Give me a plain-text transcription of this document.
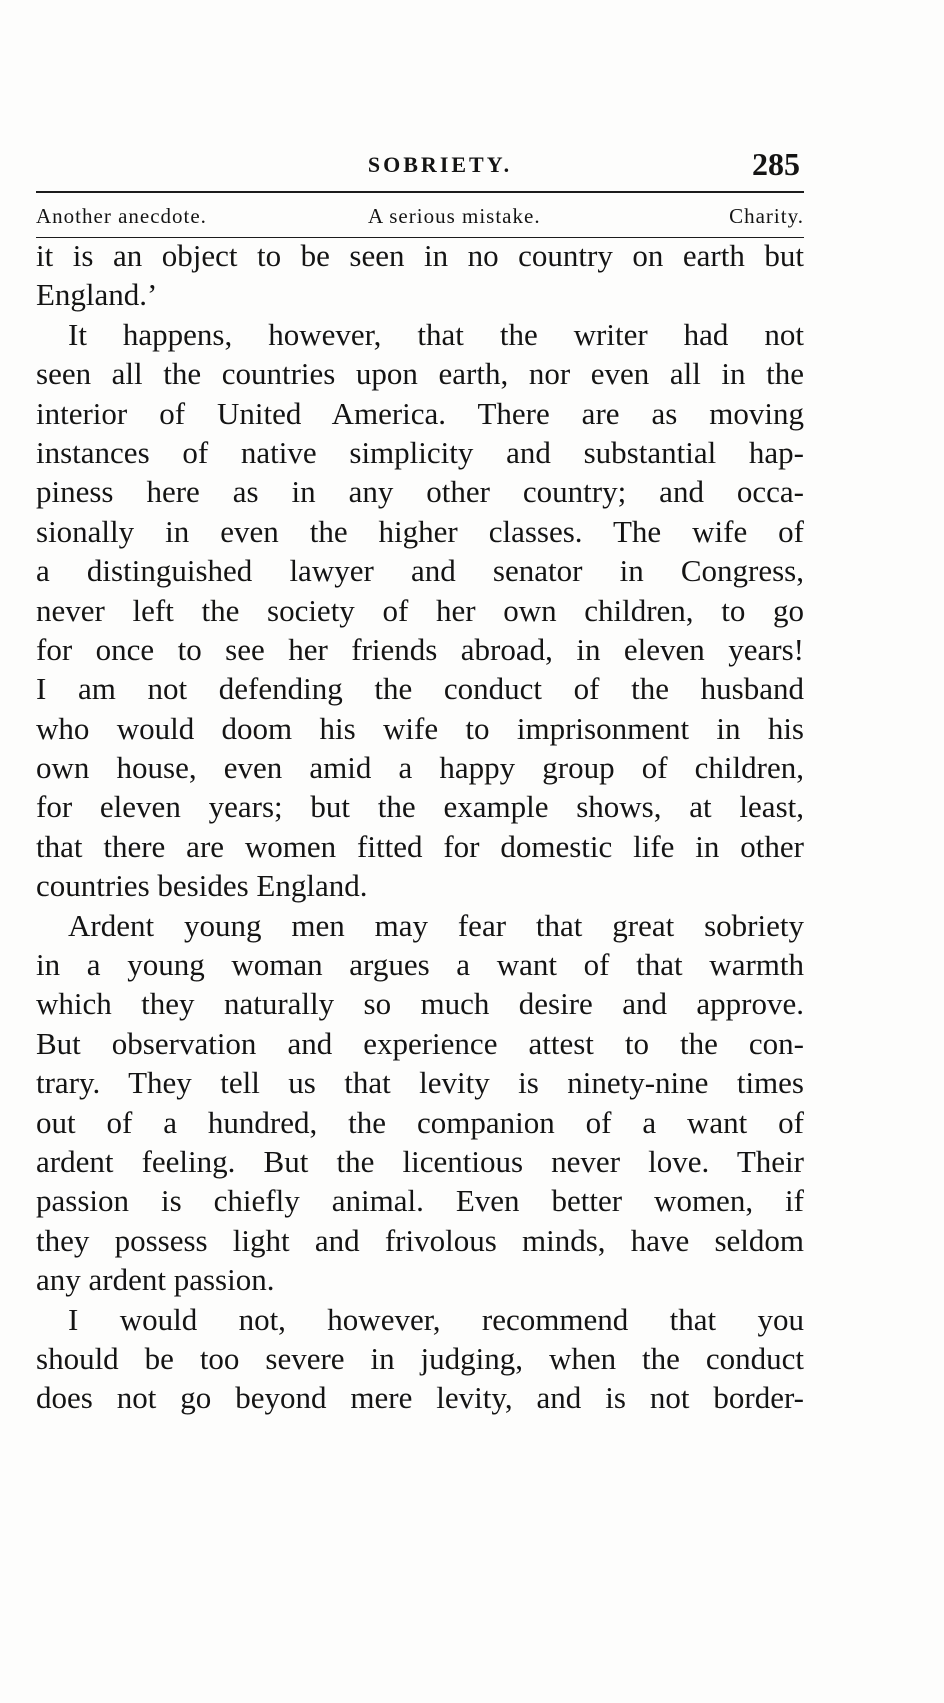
SOBRIETY.	285
Another anecdote.	A serious mistake.	Charity.
it is an object to be seen in no country on earth but
England.’
It happens, however, that the writer had not
seen all the countries upon earth, nor even all in the
interior of United America. There are as moving
instances of native simplicity and substantial hap-
piness here as in any other country; and occa-
sionally in even the higher classes. The wife of
a distinguished lawyer and senator in Congress,
never left the society of her own children, to go
for once to see her friends abroad, in eleven years!
I am not defending the conduct of the husband
who would doom his wife to imprisonment in his
own house, even amid a happy group of children,
for eleven years; but the example shows, at least,
that there are women fitted for domestic life in other
countries besides England.
Ardent young men may fear that great sobriety
in a young woman argues a want of that warmth
which they naturally so much desire and approve.
But observation and experience attest to the con-
trary. They tell us that levity is ninety-nine times
out of a hundred, the companion of a want of
ardent feeling. But the licentious never love. Their
passion is chiefly animal. Even better women, if
they possess light and frivolous minds, have seldom
any ardent passion.
I would not, however, recommend that you
should be too severe in judging, when the conduct
does not go beyond mere levity, and is not border-
